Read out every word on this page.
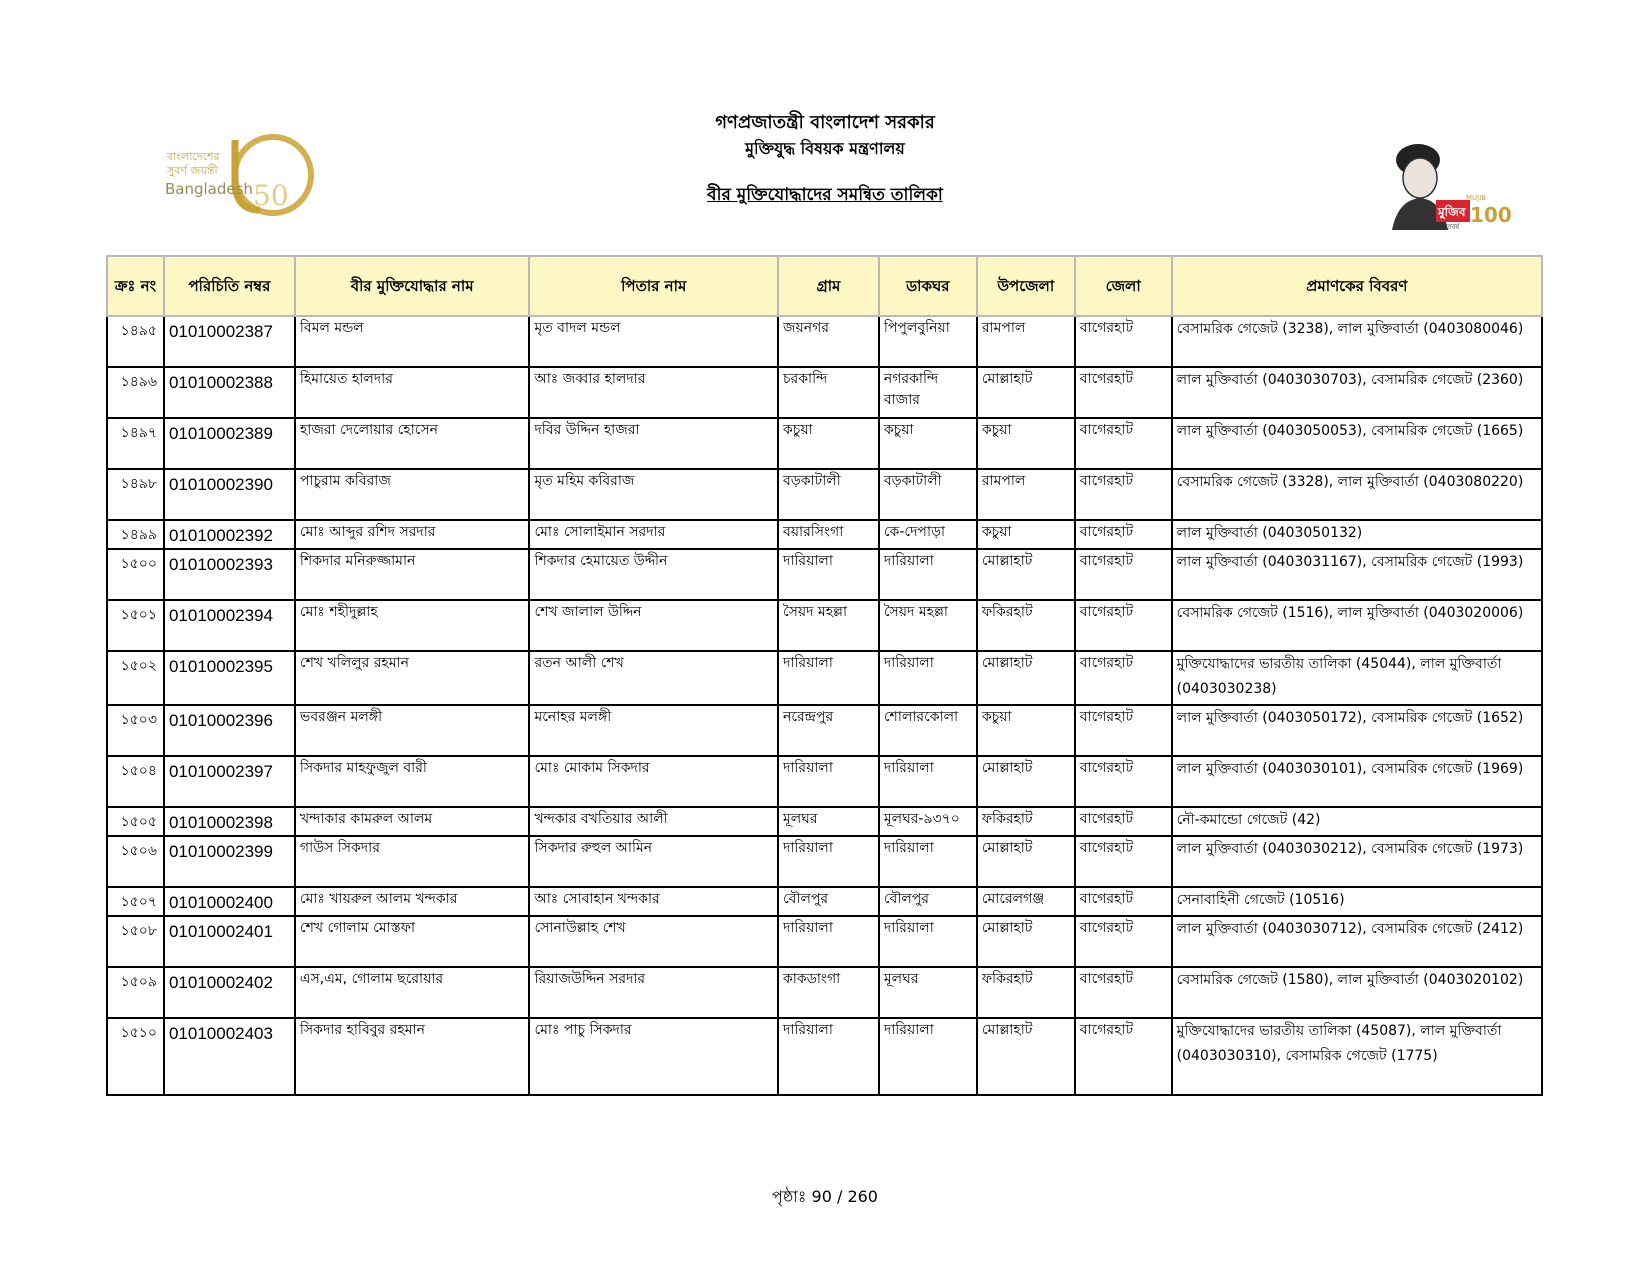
বাংলাদেশের
সুবর্ণ জয়ন্তী
Bangladesh 50
গণপ্রজাতন্ত্রী বাংলাদেশ সরকার
মুক্তিযুদ্ধ বিষয়ক মন্ত্রণালয়
বীর মুক্তিযোদ্ধাদের সমন্বিত তালিকা
মুজিব
MUJIB
100
শতবর্ষ
ক্রঃ নং	পরিচিতি নম্বর	বীর মুক্তিযোদ্ধার নাম	পিতার নাম	গ্রাম	ডাকঘর	উপজেলা	জেলা	প্রমাণকের বিবরণ
১৪৯৫	01010002387	বিমল মন্ডল	মৃত বাদল মন্ডল	জয়নগর	পিপুলবুনিয়া	রামপাল	বাগেরহাট	বেসামরিক গেজেট (3238), লাল মুক্তিবার্তা (0403080046)
১৪৯৬	01010002388	হিমায়েত হালদার	আঃ জব্বার হালদার	চরকান্দি	নগরকান্দি বাজার	মোল্লাহাট	বাগেরহাট	লাল মুক্তিবার্তা (0403030703), বেসামরিক গেজেট (2360)
১৪৯৭	01010002389	হাজরা দেলোয়ার হোসেন	দবির উদ্দিন হাজরা	কচুয়া	কচুয়া	কচুয়া	বাগেরহাট	লাল মুক্তিবার্তা (0403050053), বেসামরিক গেজেট (1665)
১৪৯৮	01010002390	পাচুরাম কবিরাজ	মৃত মহিম কবিরাজ	বড়কাটালী	বড়কাটালী	রামপাল	বাগেরহাট	বেসামরিক গেজেট (3328), লাল মুক্তিবার্তা (0403080220)
১৪৯৯	01010002392	মোঃ আব্দুর রশিদ সরদার	মোঃ সোলাইমান সরদার	বয়ারসিংগা	কে-দেপাড়া	কচুয়া	বাগেরহাট	লাল মুক্তিবার্তা (0403050132)
১৫০০	01010002393	শিকদার মনিরুজ্জামান	শিকদার হেমায়েত উদ্দীন	দারিয়ালা	দারিয়ালা	মোল্লাহাট	বাগেরহাট	লাল মুক্তিবার্তা (0403031167), বেসামরিক গেজেট (1993)
১৫০১	01010002394	মোঃ শহীদুল্লাহ	শেখ জালাল উদ্দিন	সৈয়দ মহল্লা	সৈয়দ মহল্লা	ফকিরহাট	বাগেরহাট	বেসামরিক গেজেট (1516), লাল মুক্তিবার্তা (0403020006)
১৫০২	01010002395	শেখ খলিলুর রহমান	রতন আলী শেখ	দারিয়ালা	দারিয়ালা	মোল্লাহাট	বাগেরহাট	মুক্তিযোদ্ধাদের ভারতীয় তালিকা (45044), লাল মুক্তিবার্তা (0403030238)
১৫০৩	01010002396	ভবরঞ্জন মলঙ্গী	মনোহর মলঙ্গী	নরেন্দ্রপুর	শোলারকোলা	কচুয়া	বাগেরহাট	লাল মুক্তিবার্তা (0403050172), বেসামরিক গেজেট (1652)
১৫০৪	01010002397	সিকদার মাহফুজুল বারী	মোঃ মোকাম সিকদার	দারিয়ালা	দারিয়ালা	মোল্লাহাট	বাগেরহাট	লাল মুক্তিবার্তা (0403030101), বেসামরিক গেজেট (1969)
১৫০৫	01010002398	খন্দাকার কামরুল আলম	খন্দকার বখতিয়ার আলী	মূলঘর	মূলঘর-৯৩৭০	ফকিরহাট	বাগেরহাট	নৌ-কমান্ডো গেজেট (42)
১৫০৬	01010002399	গাউস সিকদার	সিকদার রুহুল আমিন	দারিয়ালা	দারিয়ালা	মোল্লাহাট	বাগেরহাট	লাল মুক্তিবার্তা (0403030212), বেসামরিক গেজেট (1973)
১৫০৭	01010002400	মোঃ খায়রুল আলম খন্দকার	আঃ সোবাহান খন্দকার	বৌলপুর	বৌলপুর	মোরেলগঞ্জ	বাগেরহাট	সেনাবাহিনী গেজেট (10516)
১৫০৮	01010002401	শেখ গোলাম মোস্তফা	সোনাউল্লাহ শেখ	দারিয়ালা	দারিয়ালা	মোল্লাহাট	বাগেরহাট	লাল মুক্তিবার্তা (0403030712), বেসামরিক গেজেট (2412)
১৫০৯	01010002402	এস,এম, গোলাম ছরোয়ার	রিয়াজউদ্দিন সরদার	কাকডাংগা	মূলঘর	ফকিরহাট	বাগেরহাট	বেসামরিক গেজেট (1580), লাল মুক্তিবার্তা (0403020102)
১৫১০	01010002403	সিকদার হাবিবুর রহমান	মোঃ পাচু সিকদার	দারিয়ালা	দারিয়ালা	মোল্লাহাট	বাগেরহাট	মুক্তিযোদ্ধাদের ভারতীয় তালিকা (45087), লাল মুক্তিবার্তা (0403030310), বেসামরিক গেজেট (1775)
পৃষ্ঠাঃ 90 / 260
